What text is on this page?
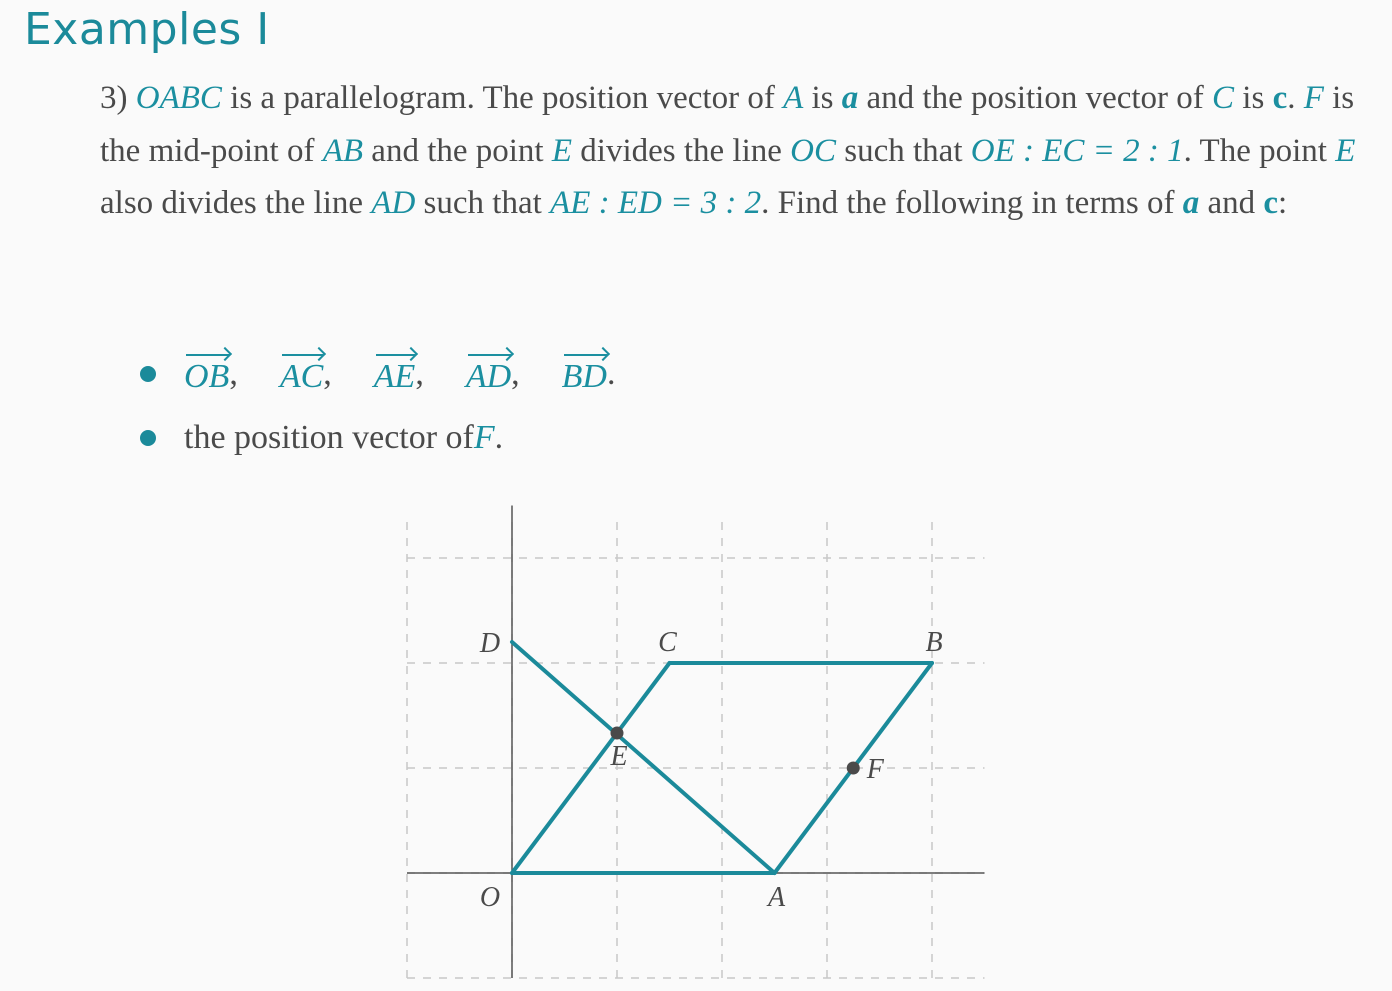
Examples I
3) OABC is a parallelogram. The position vector of A is a and the position vector of C is c. F is the mid-point of AB and the point E divides the line OC such that OE : EC = 2 : 1. The point E also divides the line AD such that AE : ED = 3 : 2. Find the following in terms of a and c:
OB , AC , AE , AD , BD .
the position vector of F .
O	A
B
C
D
E	F
